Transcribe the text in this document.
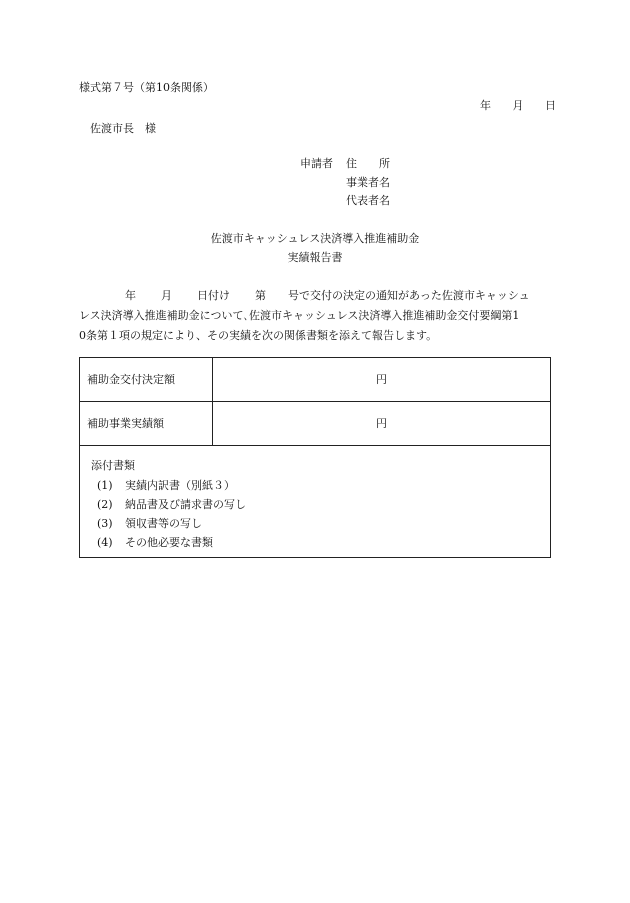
様式第７号（第10条関係）
年 月 日
佐渡市長　様
申請者 住　　所
事業者名
代表者名
佐渡市キャッシュレス決済導入推進補助金
実績報告書
年 月 日付け 第 号で交付の決定の通知があった佐渡市キャッシュ
レス決済導入推進補助金について､佐渡市キャッシュレス決済導入推進補助金交付要綱第1
0条第１項の規定により、その実績を次の関係書類を添えて報告します。
補助金交付決定額	円
補助事業実績額	円
添付書類
(1)	実績内訳書（別紙３）
(2)	納品書及び請求書の写し
(3)	領収書等の写し
(4)	その他必要な書類
